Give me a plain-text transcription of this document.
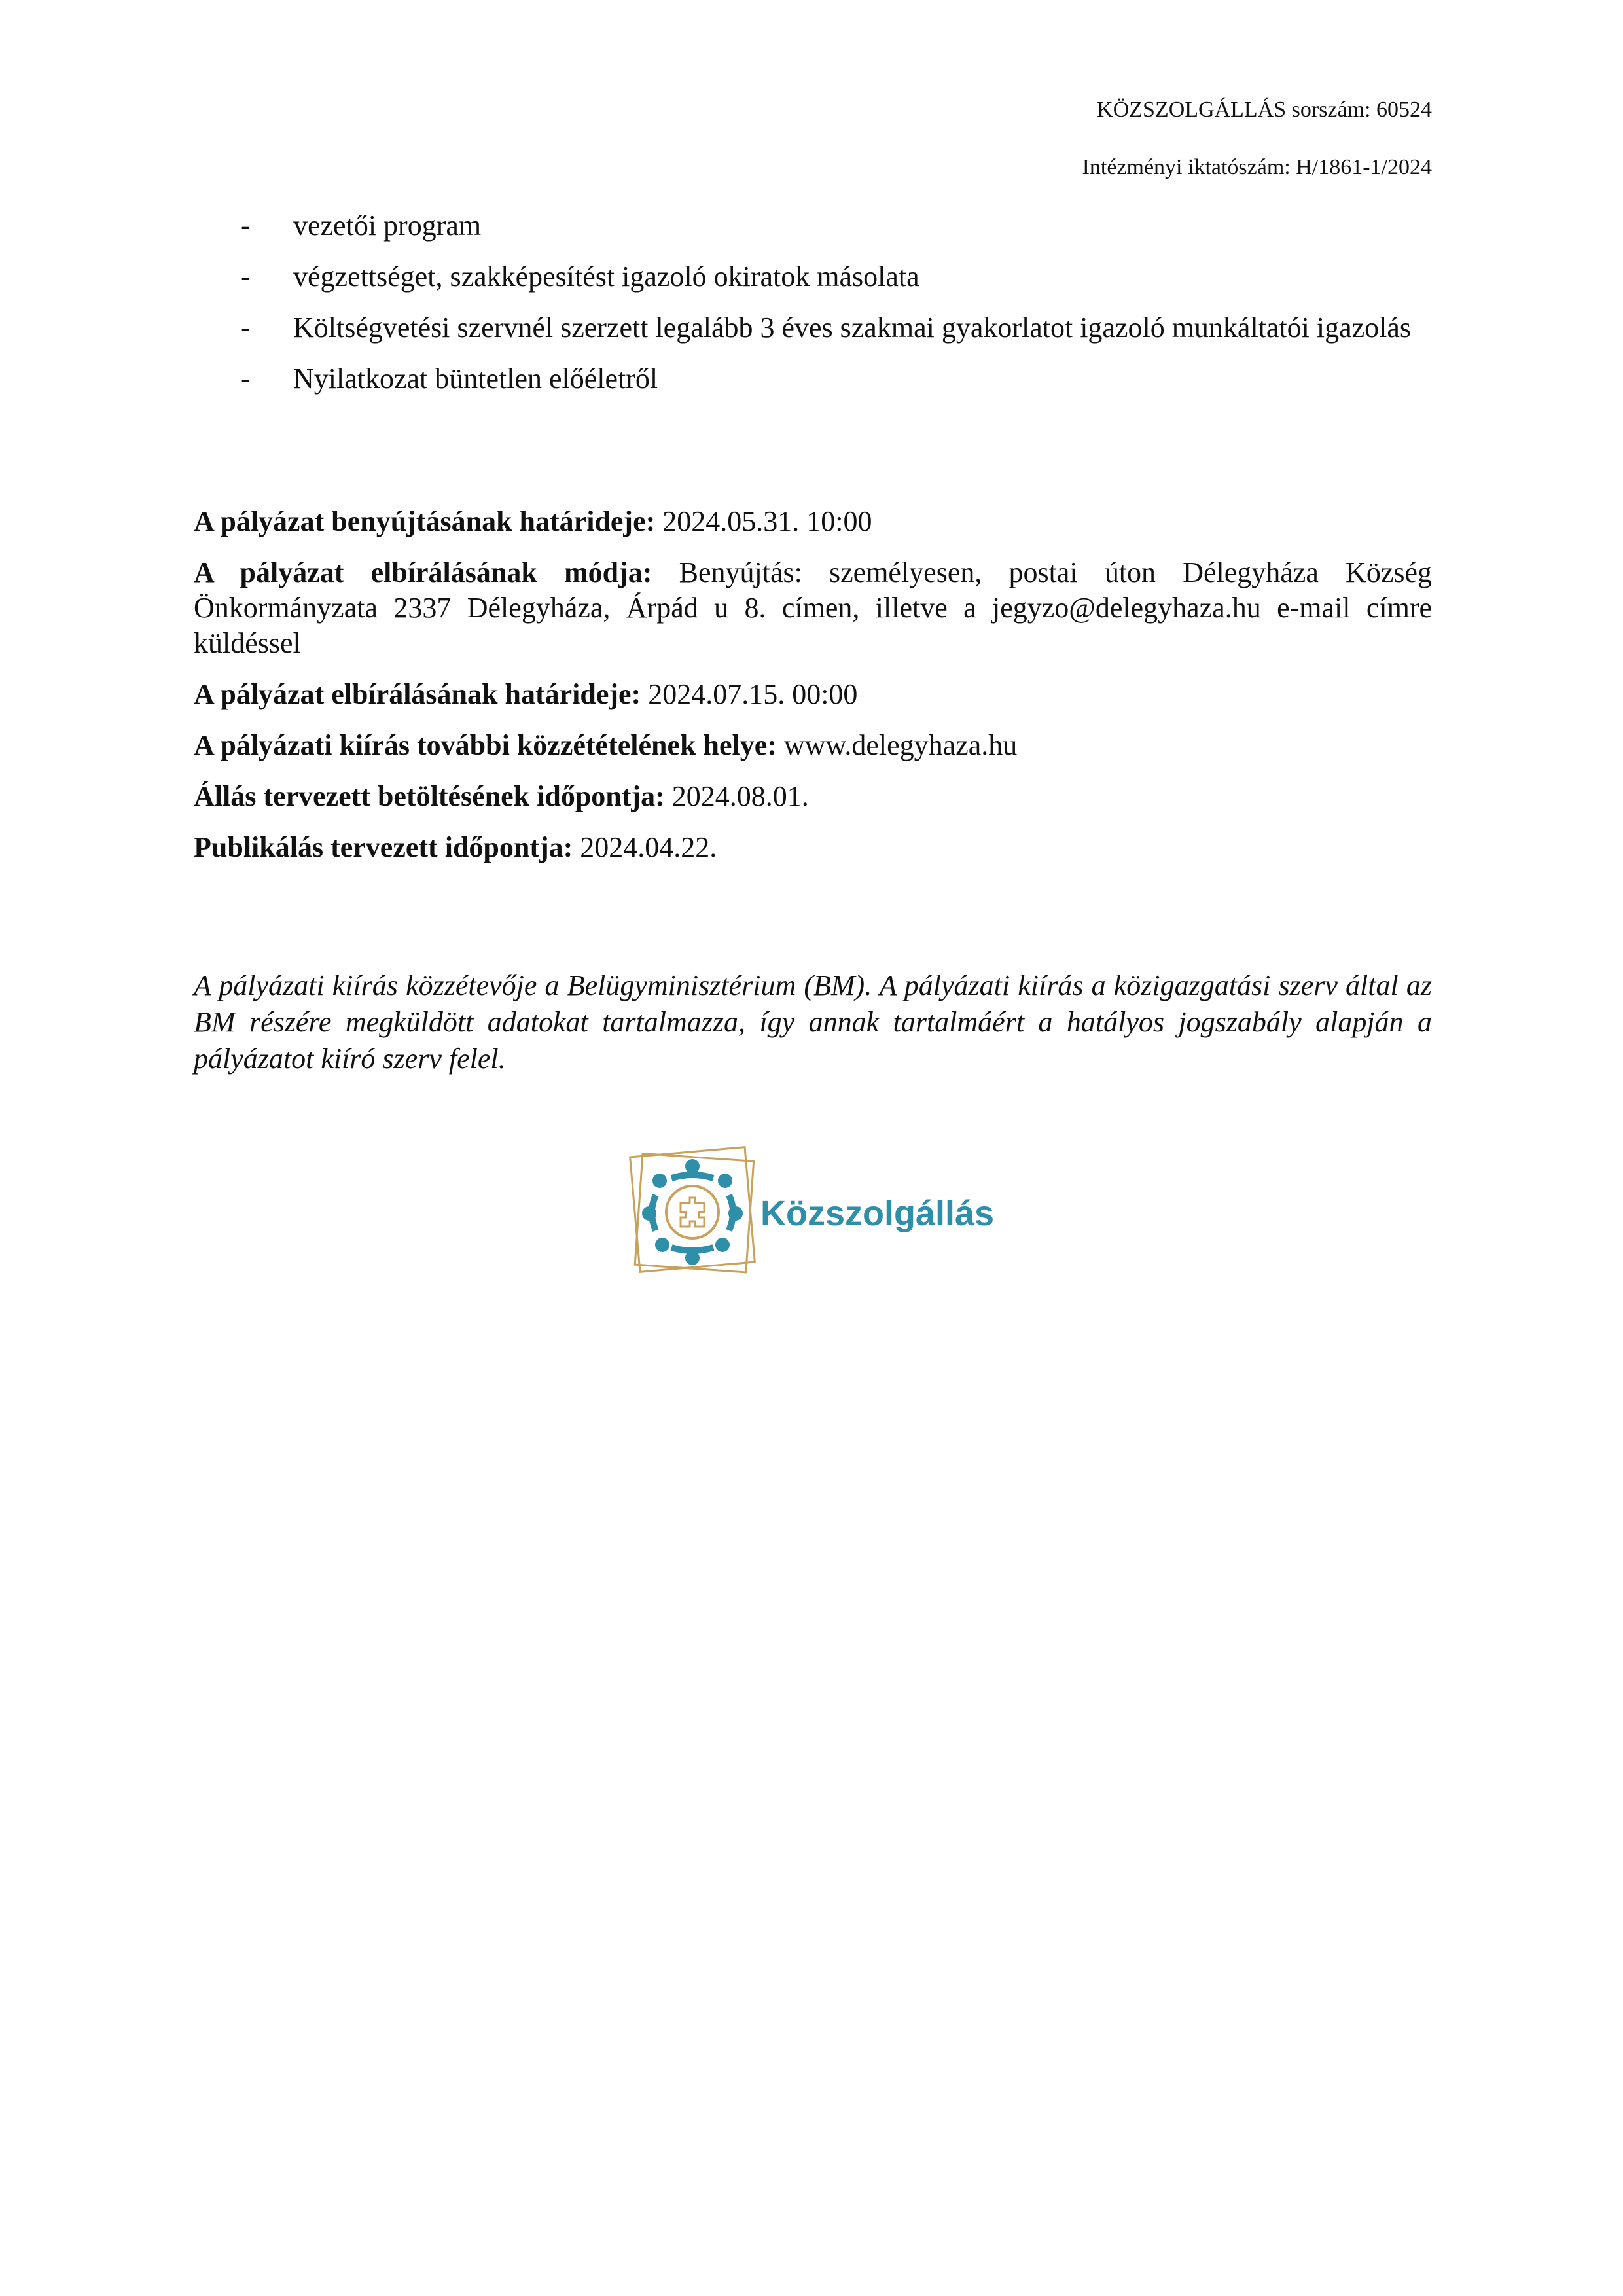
KÖZSZOLGÁLLÁS sorszám: 60524
Intézményi iktatószám: H/1861-1/2024
- vezetői program
- végzettséget, szakképesítést igazoló okiratok másolata
- Költségvetési szervnél szerzett legalább 3 éves szakmai gyakorlatot igazoló munkáltatói igazolás
- Nyilatkozat büntetlen előéletről

A pályázat benyújtásának határideje: 2024.05.31. 10:00

A pályázat elbírálásának módja: Benyújtás: személyesen, postai úton Délegyháza Község Önkormányzata 2337 Délegyháza, Árpád u 8. címen, illetve a jegyzo@delegyhaza.hu e-mail címre küldéssel

A pályázat elbírálásának határideje: 2024.07.15. 00:00

A pályázati kiírás további közzétételének helye: www.delegyhaza.hu

Állás tervezett betöltésének időpontja: 2024.08.01.

Publikálás tervezett időpontja: 2024.04.22.

A pályázati kiírás közzétevője a Belügyminisztérium (BM). A pályázati kiírás a közigazgatási szerv által az BM részére megküldött adatokat tartalmazza, így annak tartalmáért a hatályos jogszabály alapján a pályázatot kiíró szerv felel.

Közszolgállás
